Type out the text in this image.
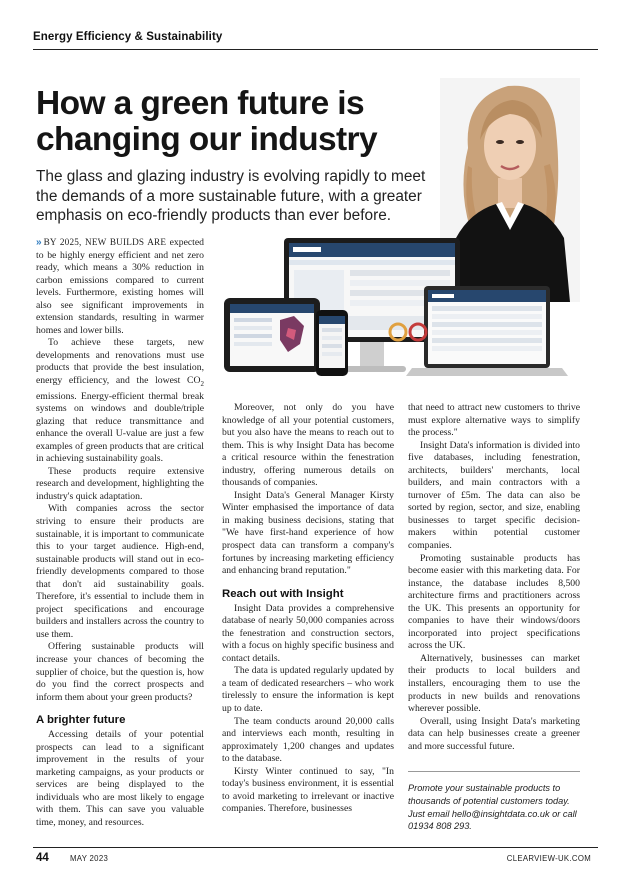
Energy Efficiency & Sustainability
How a green future is
changing our industry
The glass and glazing industry is evolving rapidly to meet the demands of a more sustainable future, with a greater emphasis on eco-friendly products than ever before.

» BY 2025, NEW BUILDS ARE expected to be highly energy efficient and net zero ready, which means a 30% reduction in carbon emissions compared to current levels. Furthermore, existing homes will also see significant improvements in extension standards, resulting in warmer homes and lower bills.

To achieve these targets, new developments and renovations must use products that provide the best insulation, energy efficiency, and the lowest $CO_2$ emissions. Energy-efficient thermal break systems on windows and double/triple glazing that reduce transmittance and enhance the overall U-value are just a few examples of green products that are critical in achieving sustainability goals.

These products require extensive research and development, highlighting the industry's quick adaptation.

With companies across the sector striving to ensure their products are sustainable, it is important to communicate this to your target audience. High-end, sustainable products will stand out in eco-friendly developments compared to those that don't aid sustainability goals. Therefore, it's essential to include them in project specifications and encourage builders and installers across the country to use them.

Offering sustainable products will increase your chances of becoming the supplier of choice, but the question is, how do you find the correct prospects and inform them about your green products?

A brighter future

Accessing details of your potential prospects can lead to a significant improvement in the results of your marketing campaigns, as your products or services are being displayed to the individuals who are most likely to engage with them. This can save you valuable time, money, and resources.

Moreover, not only do you have knowledge of all your potential customers, but you also have the means to reach out to them. This is why Insight Data has become a critical resource within the fenestration industry, offering numerous details on thousands of companies.

Insight Data's General Manager Kirsty Winter emphasised the importance of data in making business decisions, stating that "We have first-hand experience of how prospect data can transform a company's fortunes by increasing marketing efficiency and enhancing brand reputation."

Reach out with Insight

Insight Data provides a comprehensive database of nearly 50,000 companies across the fenestration and construction sectors, with a focus on highly specific business and contact details.

The data is updated regularly updated by a team of dedicated researchers – who work tirelessly to ensure the information is kept up to date.

The team conducts around 20,000 calls and interviews each month, resulting in approximately 1,200 changes and updates to the database.

Kirsty Winter continued to say, "In today's business environment, it is essential to avoid marketing to irrelevant or inactive companies. Therefore, businesses

that need to attract new customers to thrive must explore alternative ways to simplify the process."

Insight Data's information is divided into five databases, including fenestration, architects, builders' merchants, local builders, and main contractors with a turnover of £5m. The data can also be sorted by region, sector, and size, enabling businesses to target specific decision-makers within potential customer companies.

Promoting sustainable products has become easier with this marketing data. For instance, the database includes 8,500 architecture firms and practitioners across the UK. This presents an opportunity for companies to have their windows/doors incorporated into project specifications across the UK.

Alternatively, businesses can market their products to local builders and installers, encouraging them to use the products in new builds and renovations wherever possible.

Overall, using Insight Data's marketing data can help businesses create a greener and more successful future.

Promote your sustainable products to thousands of potential customers today. Just email hello@insightdata.co.uk or call 01934 808 293.

44	MAY 2023	CLEARVIEW-UK.COM
